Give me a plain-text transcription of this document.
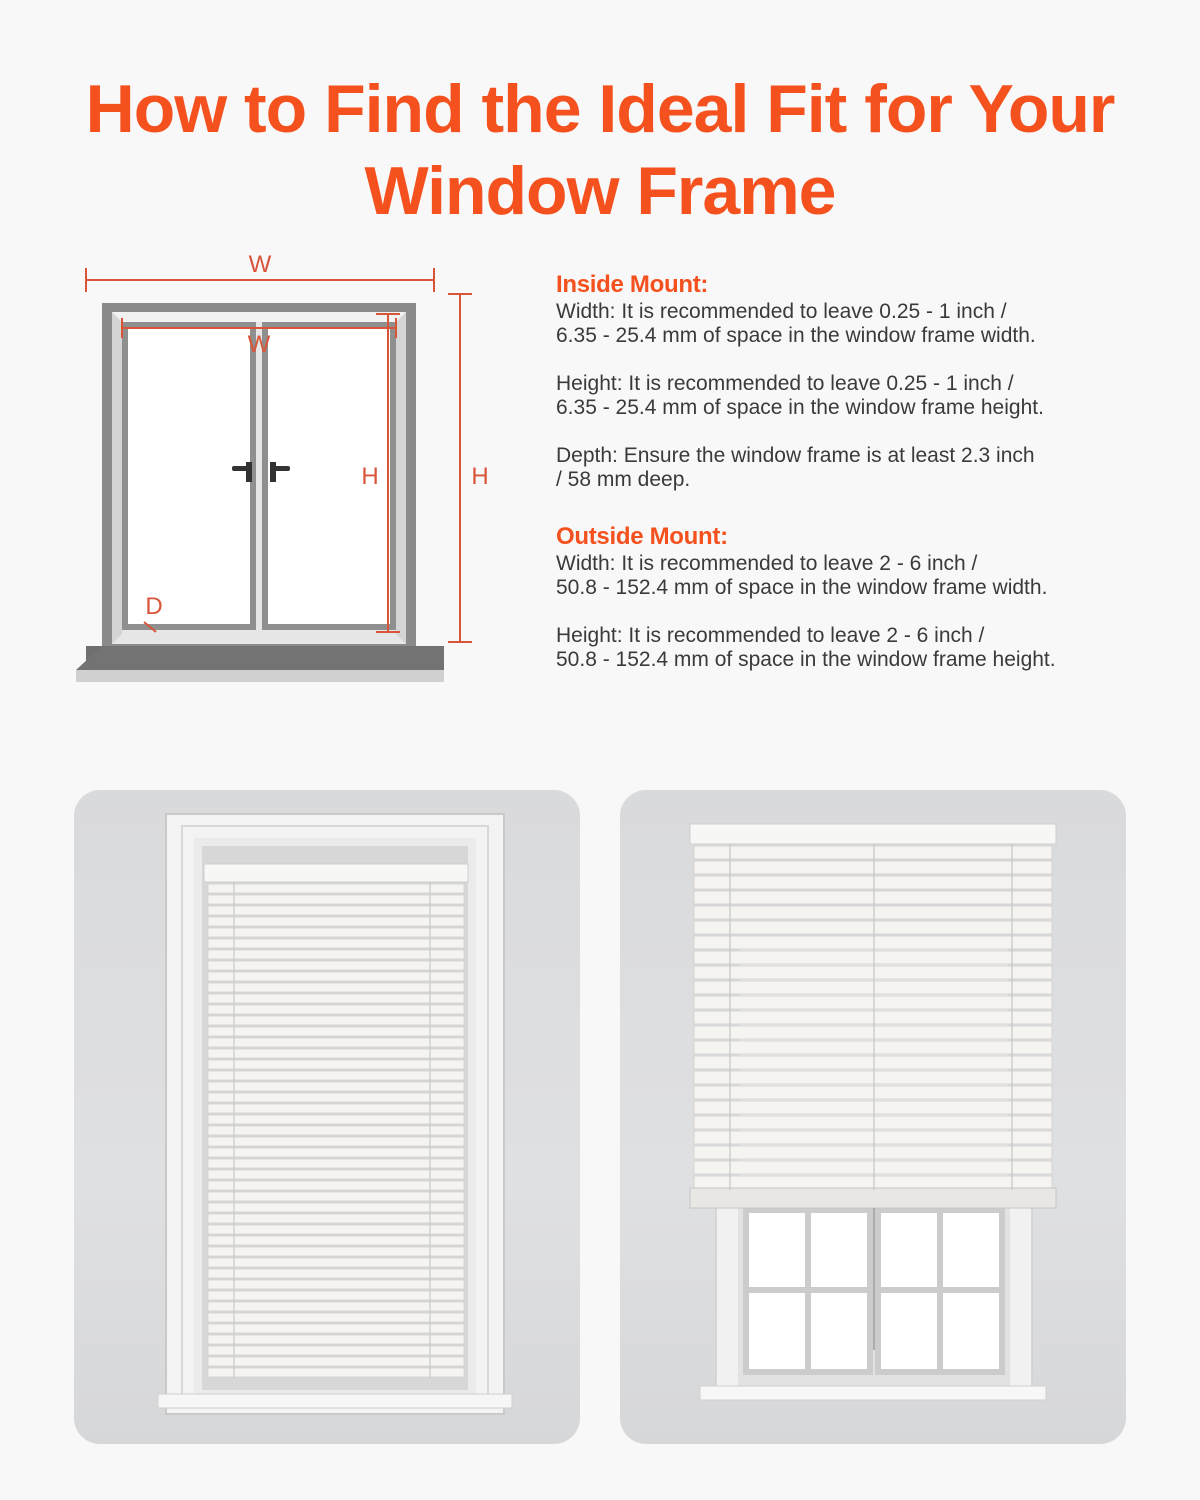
How to Find the Ideal Fit for Your
Window Frame
W
W
H	H
D
Inside Mount:

Width: It is recommended to leave 0.25 - 1 inch /

6.35 - 25.4 mm of space in the window frame width.

Height: It is recommended to leave 0.25 - 1 inch /

6.35 - 25.4 mm of space in the window frame height.

Depth: Ensure the window frame is at least 2.3 inch

/ 58 mm deep.

Outside Mount:

Width: It is recommended to leave 2 - 6 inch /

50.8 - 152.4 mm of space in the window frame width.

Height: It is recommended to leave 2 - 6 inch /

50.8 - 152.4 mm of space in the window frame height.
